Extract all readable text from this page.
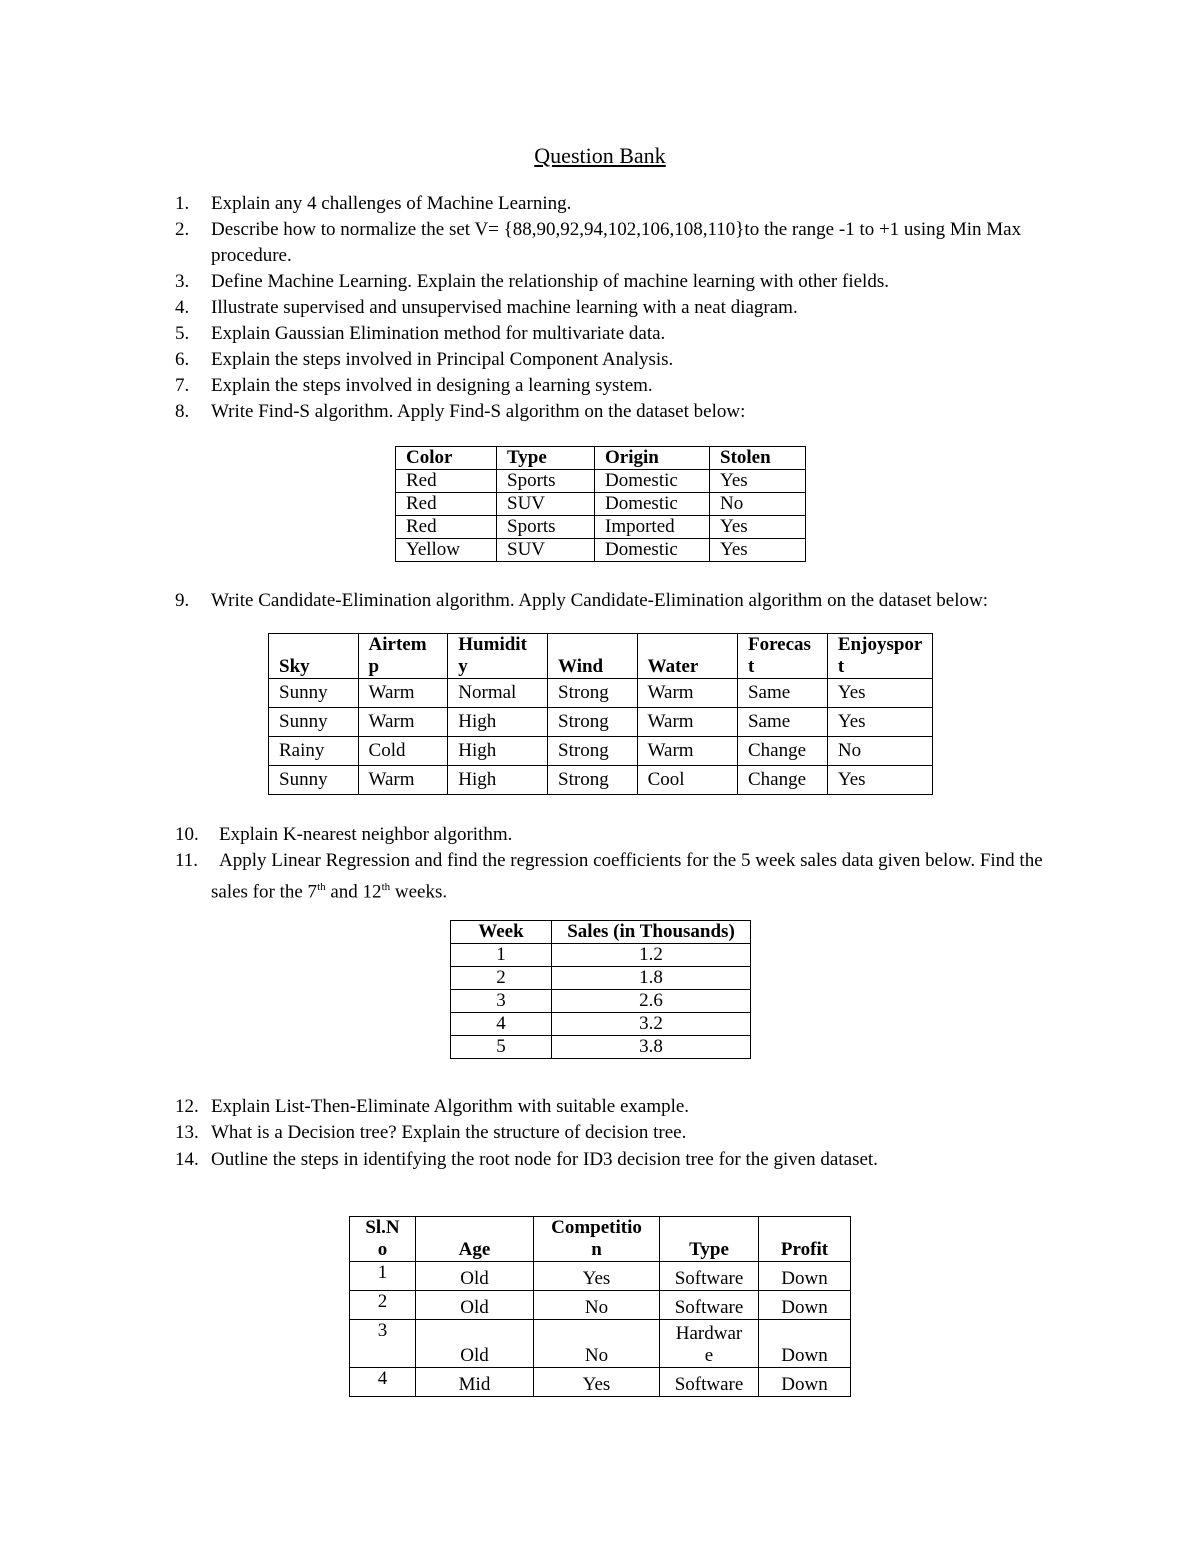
Question Bank
1. Explain any 4 challenges of Machine Learning.
2. Describe how to normalize the set V= {88,90,92,94,102,106,108,110}to the range -1 to +1 using Min Max procedure.
3. Define Machine Learning. Explain the relationship of machine learning with other fields.
4. Illustrate supervised and unsupervised machine learning with a neat diagram.
5. Explain Gaussian Elimination method for multivariate data.
6. Explain the steps involved in Principal Component Analysis.
7. Explain the steps involved in designing a learning system.
8. Write Find-S algorithm. Apply Find-S algorithm on the dataset below:
Color	Type	Origin	Stolen
Red	Sports	Domestic	Yes
Red	SUV	Domestic	No
Red	Sports	Imported	Yes
Yellow	SUV	Domestic	Yes
9. Write Candidate-Elimination algorithm. Apply Candidate-Elimination algorithm on the dataset below:
Sky	Airtem p	Humidit y	Wind	Water	Forecas t	Enjoyspor t
Sunny	Warm	Normal	Strong	Warm	Same	Yes
Sunny	Warm	High	Strong	Warm	Same	Yes
Rainy	Cold	High	Strong	Warm	Change	No
Sunny	Warm	High	Strong	Cool	Change	Yes
10. Explain K-nearest neighbor algorithm.
11.	Apply Linear Regression and find the regression coefficients for the 5 week sales data given below. Find the sales for the 7th and 12th weeks.
Week	Sales (in Thousands)
1	1.2
2	1.8
3	2.6
4	3.2
5	3.8
12. Explain List-Then-Eliminate Algorithm with suitable example.
13. What is a Decision tree? Explain the structure of decision tree.
14. Outline the steps in identifying the root node for ID3 decision tree for the given dataset.
Sl.N o	Age	Competitio n	Type	Profit
1	Old	Yes	Software	Down
2	Old	No	Software	Down
3	Old	No	Hardwar e	Down
4	Mid	Yes	Software	Down
